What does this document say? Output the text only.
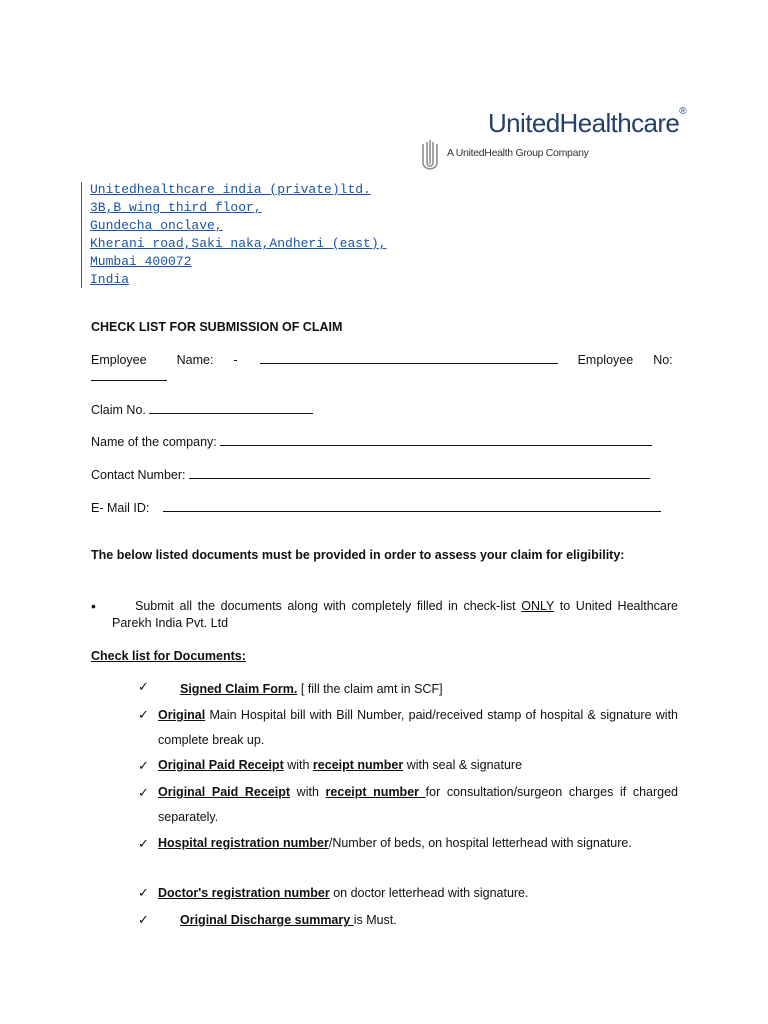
UnitedHealthcare®
A UnitedHealth Group Company
Unitedhealthcare india (private)ltd.
3B,B wing third floor,
Gundecha onclave,
Kherani road,Saki naka,Andheri (east),
Mumbai 400072
India
CHECK LIST FOR SUBMISSION OF CLAIM
Employee Name: -	Employee No:
Claim No.
Name of the company:
Contact Number:
E- Mail ID:
The below listed documents must be provided in order to assess your claim for eligibility:
•	Submit all the documents along with completely filled in check-list ONLY to United Healthcare Parekh India Pvt. Ltd
Check list for Documents:
✓	Signed Claim Form. [ fill the claim amt in SCF]
✓ Original Main Hospital bill with Bill Number, paid/received stamp of hospital & signature with complete break up.
✓ Original Paid Receipt with receipt number with seal & signature
✓ Original Paid Receipt with receipt number for consultation/surgeon charges if charged separately.
✓ Hospital registration number/Number of beds, on hospital letterhead with signature.
✓ Doctor's registration number on doctor letterhead with signature.
✓	Original Discharge summary is Must.
